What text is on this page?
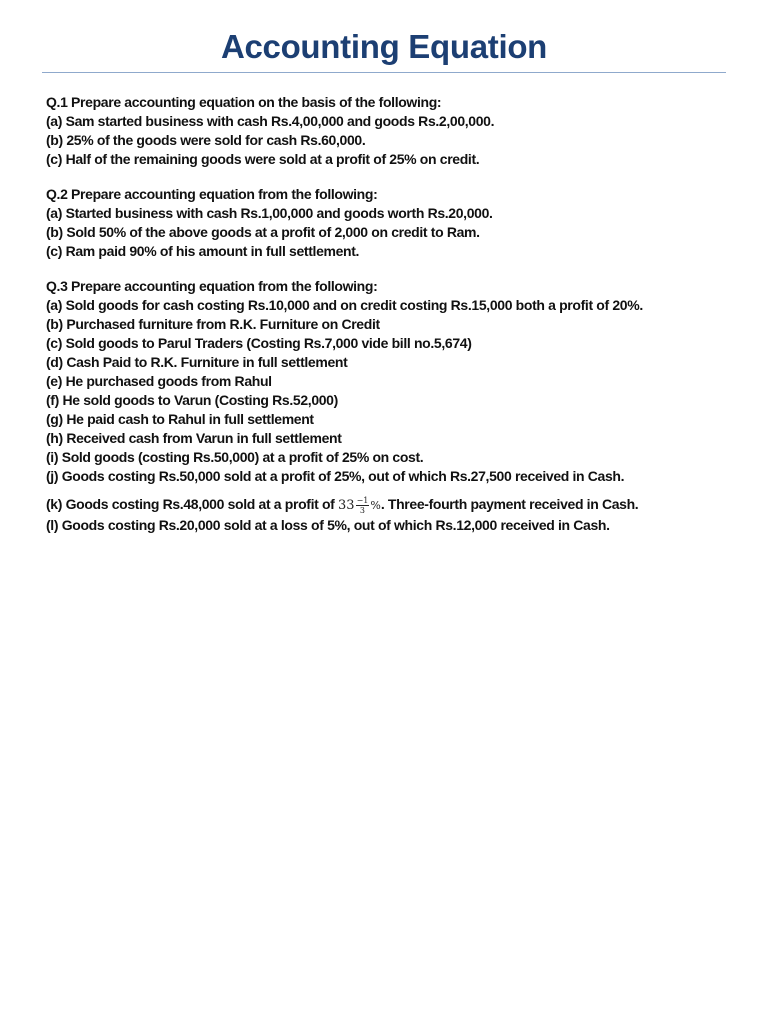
Accounting Equation
Q.1 Prepare accounting equation on the basis of the following:
(a) Sam started business with cash Rs.4,00,000 and goods Rs.2,00,000.
(b) 25% of the goods were sold for cash Rs.60,000.
(c) Half of the remaining goods were sold at a profit of 25% on credit.
Q.2 Prepare accounting equation from the following:
(a) Started business with cash Rs.1,00,000 and goods worth Rs.20,000.
(b) Sold 50% of the above goods at a profit of 2,000 on credit to Ram.
(c) Ram paid 90% of his amount in full settlement.
Q.3 Prepare accounting equation from the following:
(a) Sold goods for cash costing Rs.10,000 and on credit costing Rs.15,000 both a profit of 20%.
(b) Purchased furniture from R.K. Furniture on Credit
(c) Sold goods to Parul Traders (Costing Rs.7,000 vide bill no.5,674)
(d) Cash Paid to R.K. Furniture in full settlement
(e) He purchased goods from Rahul
(f) He sold goods to Varun (Costing Rs.52,000)
(g) He paid cash to Rahul in full settlement
(h) Received cash from Varun in full settlement
(i) Sold goods (costing Rs.50,000) at a profit of 25% on cost.
(j) Goods costing Rs.50,000 sold at a profit of 25%, out of which Rs.27,500 received in Cash.
(k) Goods costing Rs.48,000 sold at a profit of $33 \frac{-1}{3}$ %. Three-fourth payment received in Cash.
(l) Goods costing Rs.20,000 sold at a loss of 5%, out of which Rs.12,000 received in Cash.
